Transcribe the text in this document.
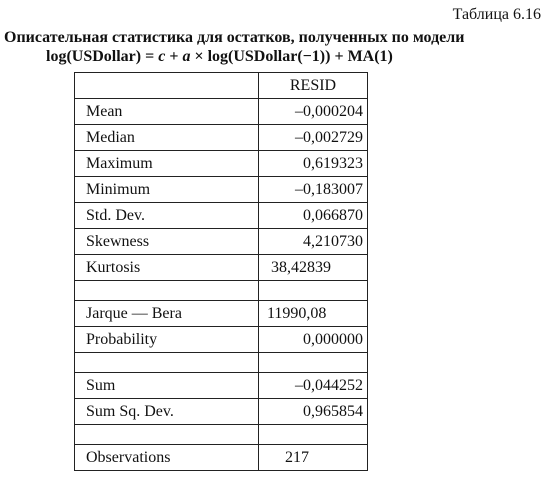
Таблица 6.16
Описательная статистика для остатков, полученных по модели
log(USDollar) = c + a × log(USDollar(−1)) + MA(1)
	RESID
Mean	–0,000204
Median	–0,002729
Maximum	0,619323
Minimum	–0,183007
Std. Dev.	0,066870
Skewness	4,210730
Kurtosis	38,42839

Jarque — Bera	11990,08
Probability	0,000000

Sum	–0,044252
Sum Sq. Dev.	0,965854

Observations	217
